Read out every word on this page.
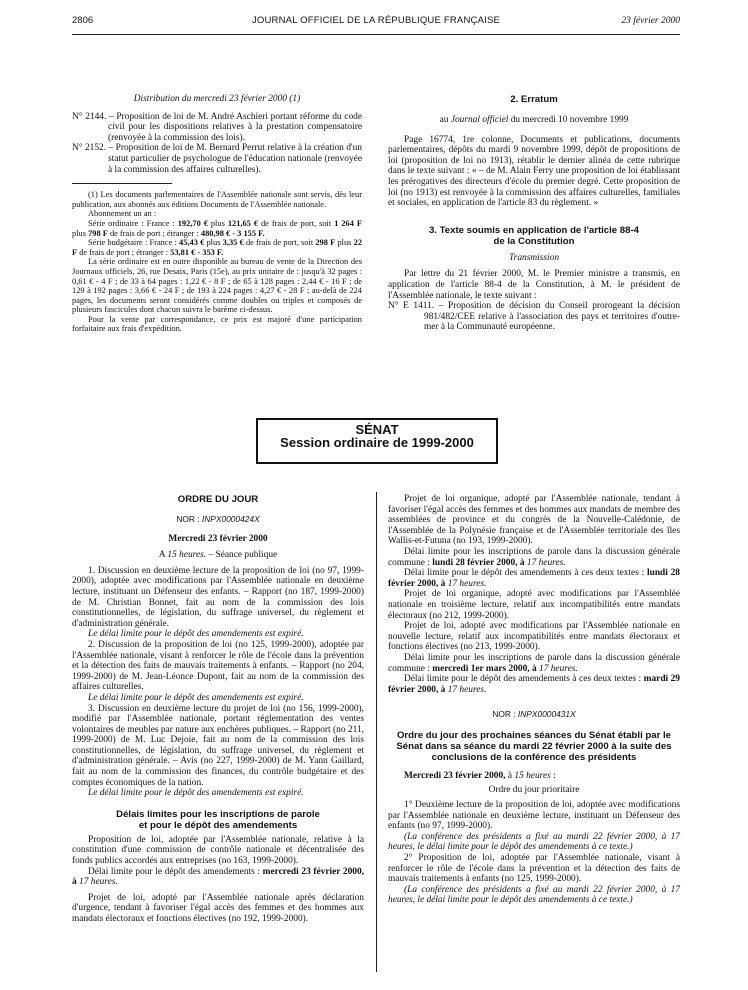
2806	JOURNAL OFFICIEL DE LA RÉPUBLIQUE FRANÇAISE	23 février 2000

Distribution du mercredi 23 février 2000 (1)

N° 2144. – Proposition de loi de M. André Aschieri portant réforme du code civil pour les dispositions relatives à la prestation compensatoire (renvoyée à la commission des lois).

N° 2152. – Proposition de loi de M. Bernard Perrut relative à la création d'un statut particulier de psychologue de l'éducation nationale (renvoyée à la commission des affaires culturelles).

(1) Les documents parlementaires de l'Assemblée nationale sont servis, dès leur publication, aux abonnés aux éditions Documents de l'Assemblée nationale.

Abonnement un an :

Série ordinaire : France : 192,70 € plus 121,65 € de frais de port, soit 1 264 F plus 798 F de frais de port ; étranger : 480,98 € - 3 155 F.

Série budgétaire : France : 45,43 € plus 3,35 € de frais de port, soit 298 F plus 22 F de frais de port ; étranger : 53,81 € - 353 F.

La série ordinaire est en outre disponible au bureau de vente de la Direction des Journaux officiels, 26, rue Desaix, Paris (15e), au prix unitaire de : jusqu'à 32 pages : 0,61 € - 4 F ; de 33 à 64 pages : 1,22 € - 8 F ; de 65 à 128 pages : 2,44 € - 16 F ; de 129 à 192 pages : 3,66 € - 24 F ; de 193 à 224 pages : 4,27 € - 28 F ; au-delà de 224 pages, les documents seront considérés comme doubles ou triples et composés de plusieurs fascicules dont chacun suivra le barème ci-dessus.

Pour la vente par correspondance, ce prix est majoré d'une participation forfaitaire aux frais d'expédition.

2. Erratum

au Journal officiel du mercredi 10 novembre 1999

Page 16774, 1re colonne, Documents et publications, documents parlementaires, dépôts du mardi 9 novembre 1999, dépôt de propositions de loi (proposition de loi no 1913), rétablir le dernier alinéa de cette rubrique dans le texte suivant : « – de M. Alain Ferry une proposition de loi établissant les prérogatives des directeurs d'école du premier degré. Cette proposition de loi (no 1913) est renvoyée à la commission des affaires culturelles, familiales et sociales, en application de l'article 83 du règlement. »

3. Texte soumis en application de l'article 88-4

de la Constitution

Transmission

Par lettre du 21 février 2000, M. le Premier ministre a transmis, en application de l'article 88-4 de la Constitution, à M. le président de l'Assemblée nationale, le texte suivant :

N° E 1411. – Proposition de décision du Conseil prorogeant la décision 981/482/CEE relative à l'association des pays et territoires d'outre-mer à la Communauté européenne.

SÉNAT
Session ordinaire de 1999-2000

ORDRE DU JOUR

NOR : INPX0000424X

Mercredi 23 février 2000

A 15 heures. – Séance publique

1. Discussion en deuxième lecture de la proposition de loi (no 97, 1999-2000), adoptée avec modifications par l'Assemblée nationale en deuxième lecture, instituant un Défenseur des enfants. – Rapport (no 187, 1999-2000) de M. Christian Bonnet, fait au nom de la commission des lois constitutionnelles, de législation, du suffrage universel, du règlement et d'administration générale.

Le délai limite pour le dépôt des amendements est expiré.

2. Discussion de la proposition de loi (no 125, 1999-2000), adoptée par l'Assemblée nationale, visant à renforcer le rôle de l'école dans la prévention et la détection des faits de mauvais traitements à enfants. – Rapport (no 204, 1999-2000) de M. Jean-Léonce Dupont, fait au nom de la commission des affaires culturelles.

Le délai limite pour le dépôt des amendements est expiré.

3. Discussion en deuxième lecture du projet de loi (no 156, 1999-2000), modifié par l'Assemblée nationale, portant réglementation des ventes volontaires de meubles par nature aux enchères publiques. – Rapport (no 211, 1999-2000) de M. Luc Dejoie, fait au nom de la commission des lois constitutionnelles, de législation, du suffrage universel, du règlement et d'administration générale. – Avis (no 227, 1999-2000) de M. Yann Gaillard, fait au nom de la commission des finances, du contrôle budgétaire et des comptes économiques de la nation.

Le délai limite pour le dépôt des amendements est expiré.

Délais limites pour les inscriptions de parole

et pour le dépôt des amendements

Proposition de loi, adoptée par l'Assemblée nationale, relative à la constitution d'une commission de contrôle nationale et décentralisée des fonds publics accordés aux entreprises (no 163, 1999-2000).

Délai limite pour le dépôt des amendements : mercredi 23 février 2000, à 17 heures.

Projet de loi, adopté par l'Assemblée nationale après déclaration d'urgence, tendant à favoriser l'égal accès des femmes et des hommes aux mandats électoraux et fonctions électives (no 192, 1999-2000).

Projet de loi organique, adopté par l'Assemblée nationale, tendant à favoriser l'égal accès des femmes et des hommes aux mandats de membre des assemblées de province et du congrès de la Nouvelle-Calédonie, de l'Assemblée de la Polynésie française et de l'Assemblée territoriale des îles Wallis-et-Futuna (no 193, 1999-2000).

Délai limite pour les inscriptions de parole dans la discussion générale commune : lundi 28 février 2000, à 17 heures.

Délai limite pour le dépôt des amendements à ces deux textes : lundi 28 février 2000, à 17 heures.

Projet de loi organique, adopté avec modifications par l'Assemblée nationale en troisième lecture, relatif aux incompatibilités entre mandats électoraux (no 212, 1999-2000).

Projet de loi, adopté avec modifications par l'Assemblée nationale en nouvelle lecture, relatif aux incompatibilités entre mandats électoraux et fonctions électives (no 213, 1999-2000).

Délai limite pour les inscriptions de parole dans la discussion générale commune : mercredi 1er mars 2000, à 17 heures.

Délai limite pour le dépôt des amendements à ces deux textes : mardi 29 février 2000, à 17 heures.

NOR : INPX0000431X

Ordre du jour des prochaines séances du Sénat établi par le Sénat dans sa séance du mardi 22 février 2000 à la suite des conclusions de la conférence des présidents

Mercredi 23 février 2000, à 15 heures :

Ordre du jour prioritaire

1° Deuxième lecture de la proposition de loi, adoptée avec modifications par l'Assemblée nationale en deuxième lecture, instituant un Défenseur des enfants (no 97, 1999-2000).

(La conférence des présidents a fixé au mardi 22 février 2000, à 17 heures, le délai limite pour le dépôt des amendements à ce texte.)

2° Proposition de loi, adoptée par l'Assemblée nationale, visant à renforcer le rôle de l'école dans la prévention et la détection des faits de mauvais traitements à enfants (no 125, 1999-2000).

(La conférence des présidents a fixé au mardi 22 février 2000, à 17 heures, le délai limite pour le dépôt des amendements à ce texte.)
